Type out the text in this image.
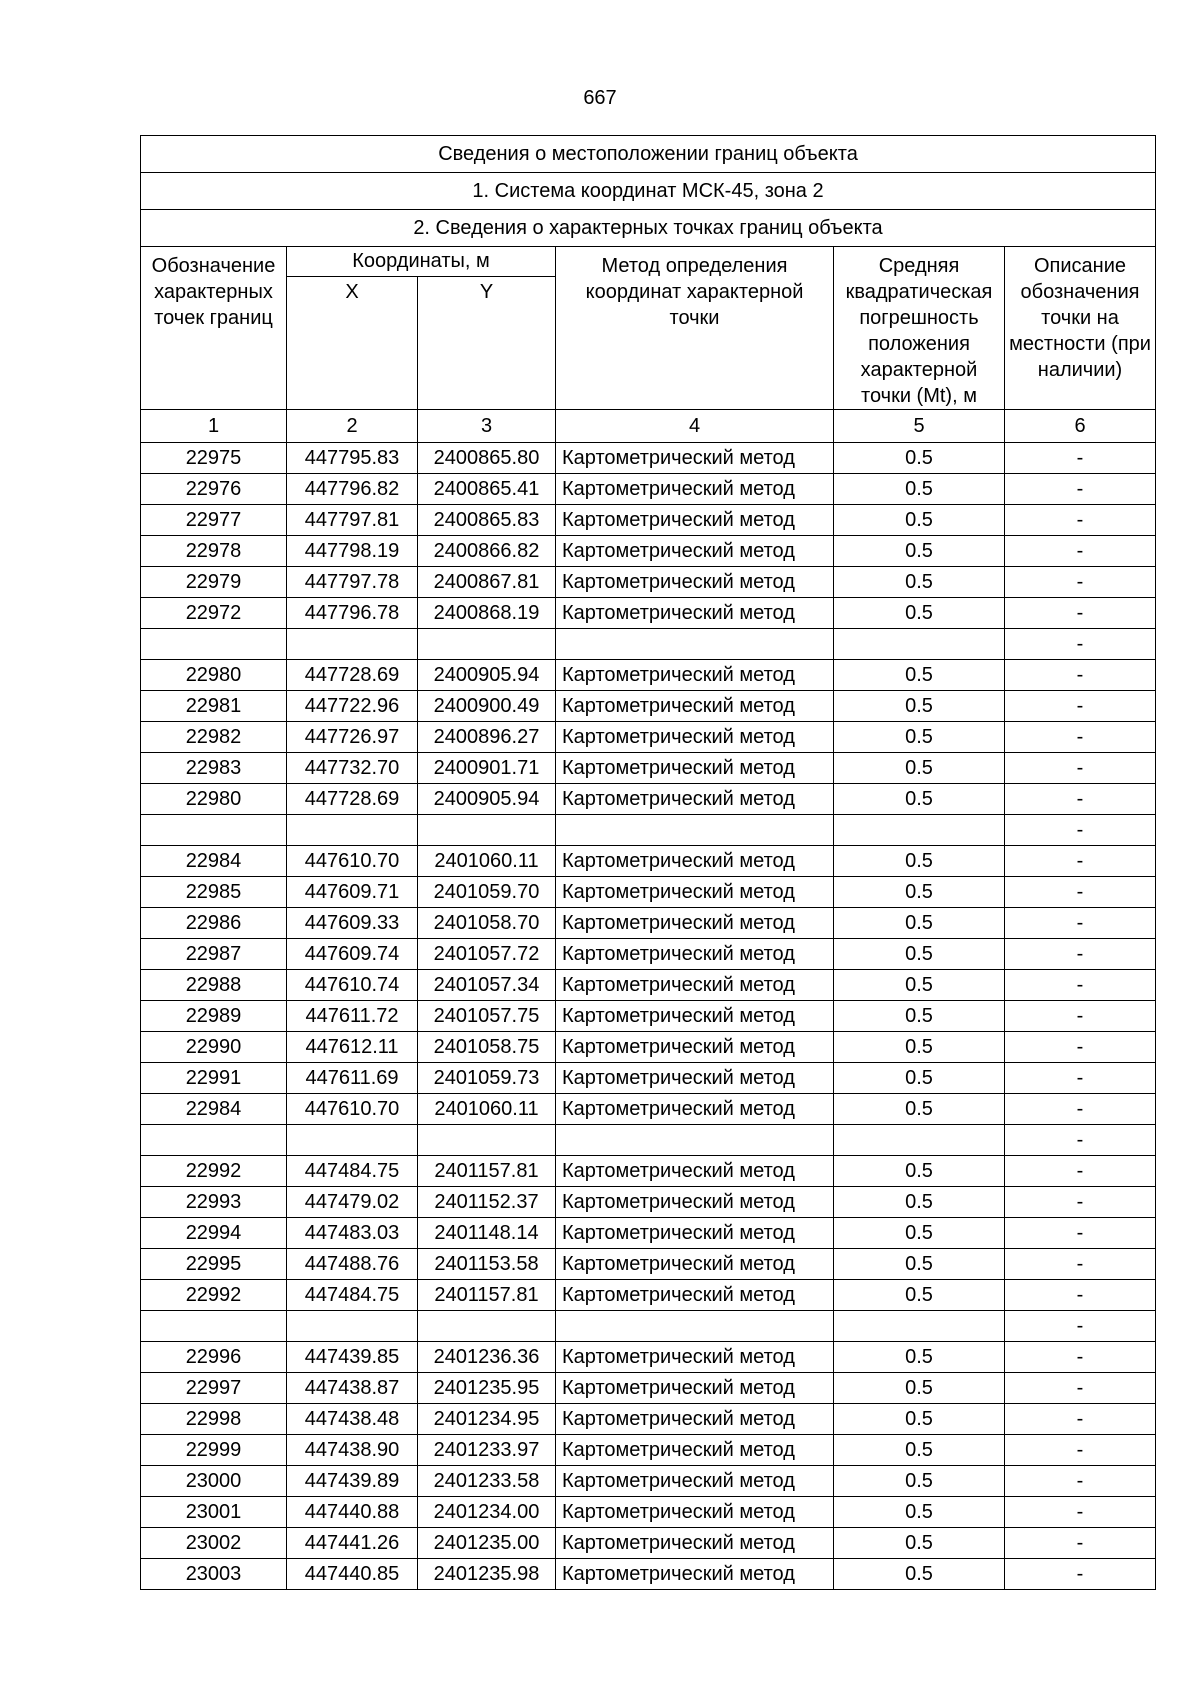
667
Сведения о местоположении границ объекта					
1. Система координат МСК-45, зона 2					
2. Сведения о характерных точках границ объекта					
Обозначение характерных точек границ	Координаты, м		Метод определения координат характерной точки	Средняя квадратическая погрешность положения характерной точки (Mt), м	Описание обозначения точки на местности (при наличии)
	X	Y			
1	2	3	4	5	6
22975	447795.83	2400865.80	Картометрический метод	0.5	-
22976	447796.82	2400865.41	Картометрический метод	0.5	-
22977	447797.81	2400865.83	Картометрический метод	0.5	-
22978	447798.19	2400866.82	Картометрический метод	0.5	-
22979	447797.78	2400867.81	Картометрический метод	0.5	-
22972	447796.78	2400868.19	Картометрический метод	0.5	-
					-
22980	447728.69	2400905.94	Картометрический метод	0.5	-
22981	447722.96	2400900.49	Картометрический метод	0.5	-
22982	447726.97	2400896.27	Картометрический метод	0.5	-
22983	447732.70	2400901.71	Картометрический метод	0.5	-
22980	447728.69	2400905.94	Картометрический метод	0.5	-
					-
22984	447610.70	2401060.11	Картометрический метод	0.5	-
22985	447609.71	2401059.70	Картометрический метод	0.5	-
22986	447609.33	2401058.70	Картометрический метод	0.5	-
22987	447609.74	2401057.72	Картометрический метод	0.5	-
22988	447610.74	2401057.34	Картометрический метод	0.5	-
22989	447611.72	2401057.75	Картометрический метод	0.5	-
22990	447612.11	2401058.75	Картометрический метод	0.5	-
22991	447611.69	2401059.73	Картометрический метод	0.5	-
22984	447610.70	2401060.11	Картометрический метод	0.5	-
					-
22992	447484.75	2401157.81	Картометрический метод	0.5	-
22993	447479.02	2401152.37	Картометрический метод	0.5	-
22994	447483.03	2401148.14	Картометрический метод	0.5	-
22995	447488.76	2401153.58	Картометрический метод	0.5	-
22992	447484.75	2401157.81	Картометрический метод	0.5	-
					-
22996	447439.85	2401236.36	Картометрический метод	0.5	-
22997	447438.87	2401235.95	Картометрический метод	0.5	-
22998	447438.48	2401234.95	Картометрический метод	0.5	-
22999	447438.90	2401233.97	Картометрический метод	0.5	-
23000	447439.89	2401233.58	Картометрический метод	0.5	-
23001	447440.88	2401234.00	Картометрический метод	0.5	-
23002	447441.26	2401235.00	Картометрический метод	0.5	-
23003	447440.85	2401235.98	Картометрический метод	0.5	-
